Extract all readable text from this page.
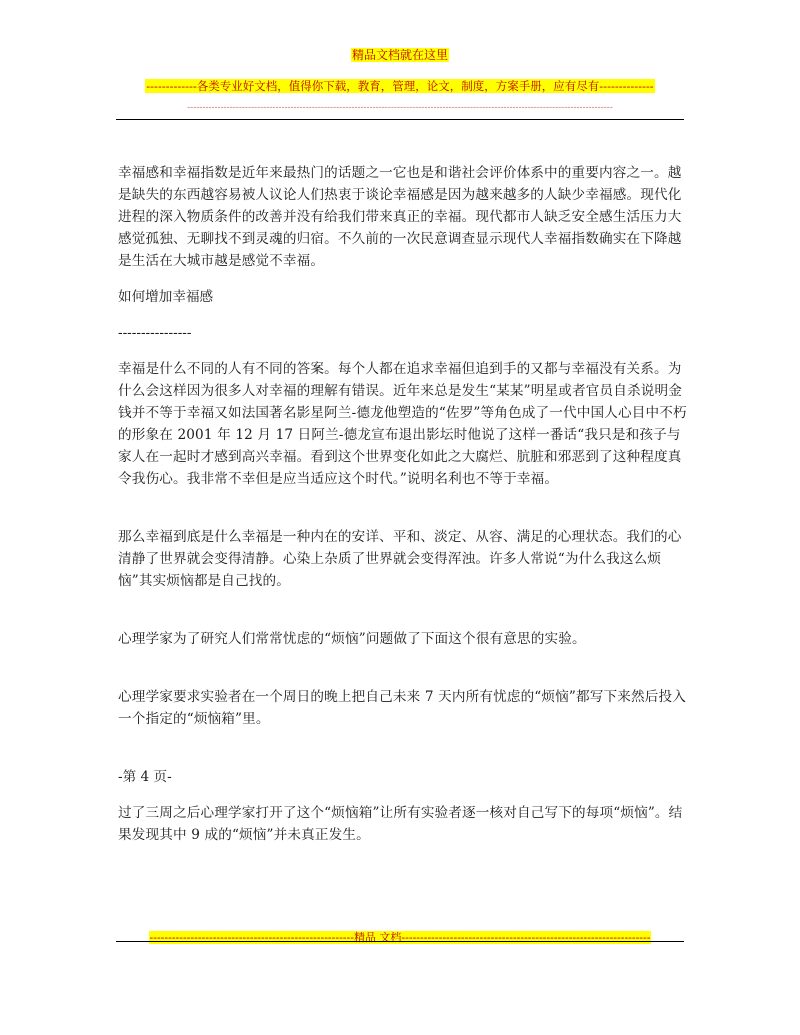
精品文档就在这里
-------------各类专业好文档，值得你下载，教育，管理，论文，制度，方案手册，应有尽有--------------
--------------------------------------------------------------------------------------------------------------------------------------------

幸福感和幸福指数是近年来最热门的话题之一它也是和谐社会评价体系中的重要内容之一。越是缺失的东西越容易被人议论人们热衷于谈论幸福感是因为越来越多的人缺少幸福感。现代化进程的深入物质条件的改善并没有给我们带来真正的幸福。现代都市人缺乏安全感生活压力大感觉孤独、无聊找不到灵魂的归宿。不久前的一次民意调查显示现代人幸福指数确实在下降越是生活在大城市越是感觉不幸福。

如何增加幸福感

----------------

幸福是什么不同的人有不同的答案。每个人都在追求幸福但追到手的又都与幸福没有关系。为什么会这样因为很多人对幸福的理解有错误。近年来总是发生“某某”明星或者官员自杀说明金钱并不等于幸福又如法国著名影星阿兰-德龙他塑造的“佐罗”等角色成了一代中国人心目中不朽的形象在 2001 年 12 月 17 日阿兰-德龙宣布退出影坛时他说了这样一番话“我只是和孩子与家人在一起时才感到高兴幸福。看到这个世界变化如此之大腐烂、肮脏和邪恶到了这种程度真令我伤心。我非常不幸但是应当适应这个时代。”说明名利也不等于幸福。

那么幸福到底是什么幸福是一种内在的安详、平和、淡定、从容、满足的心理状态。我们的心清静了世界就会变得清静。心染上杂质了世界就会变得浑浊。许多人常说“为什么我这么烦恼”其实烦恼都是自己找的。

心理学家为了研究人们常常忧虑的“烦恼”问题做了下面这个很有意思的实验。

心理学家要求实验者在一个周日的晚上把自己未来 7 天内所有忧虑的“烦恼”都写下来然后投入一个指定的“烦恼箱”里。

-第 4 页-

过了三周之后心理学家打开了这个“烦恼箱”让所有实验者逐一核对自己写下的每项“烦恼”。结果发现其中 9 成的“烦恼”并未真正发生。

-------------------------------------------------------精品 文档-------------------------------------------------------------------
